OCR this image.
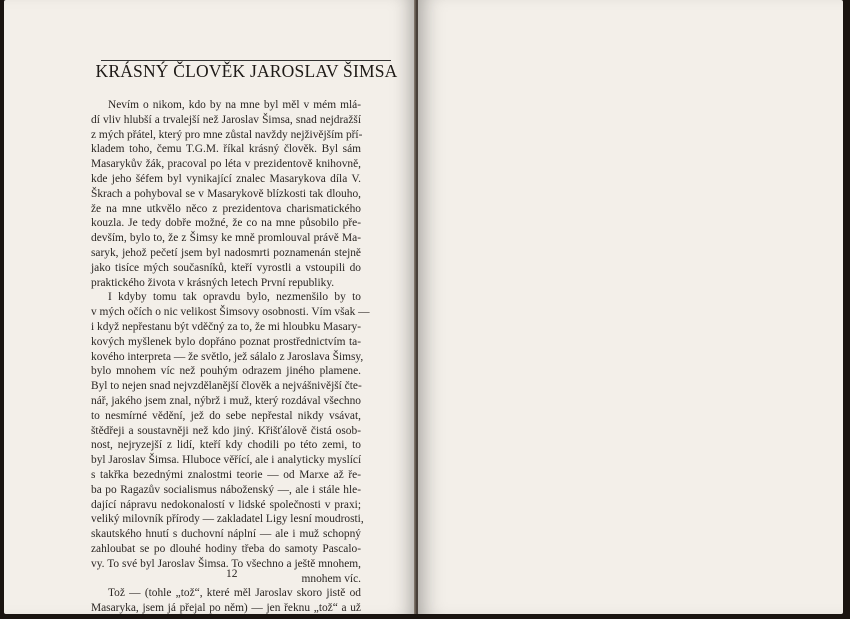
KRÁSNÝ ČLOVĚK JAROSLAV ŠIMSA
Nevím o nikom, kdo by na mne byl měl v mém mlá-
dí vliv hlubší a trvalejší než Jaroslav Šimsa, snad nejdražší
z mých přátel, který pro mne zůstal navždy nejživějším pří-
kladem toho, čemu T.G.M. říkal krásný člověk. Byl sám
Masarykův žák, pracoval po léta v prezidentově knihovně,
kde jeho šéfem byl vynikající znalec Masarykova díla V.
Škrach a pohyboval se v Masarykově blízkosti tak dlouho,
že na mne utkvělo něco z prezidentova charismatického
kouzla. Je tedy dobře možné, že co na mne působilo pře-
devším, bylo to, že z Šimsy ke mně promlouval právě Ma-
saryk, jehož pečetí jsem byl nadosmrti poznamenán stejně
jako tisíce mých současníků, kteří vyrostli a vstoupili do
praktického života v krásných letech První republiky.
I kdyby tomu tak opravdu bylo, nezmenšilo by to
v mých očích o nic velikost Šimsovy osobnosti. Vím však —
i když nepřestanu být vděčný za to, že mi hloubku Masary-
kových myšlenek bylo dopřáno poznat prostřednictvím ta-
kového interpreta — že světlo, jež sálalo z Jaroslava Šimsy,
bylo mnohem víc než pouhým odrazem jiného plamene.
Byl to nejen snad nejvzdělanější člověk a nejvášnivější čte-
nář, jakého jsem znal, nýbrž i muž, který rozdával všechno
to nesmírné vědění, jež do sebe nepřestal nikdy vsávat,
štědřeji a soustavněji než kdo jiný. Křišťálově čistá osob-
nost, nejryzejší z lidí, kteří kdy chodili po této zemi, to
byl Jaroslav Šimsa. Hluboce věřící, ale i analyticky myslící
s takřka bezednými znalostmi teorie — od Marxe až ře-
ba po Ragazův socialismus náboženský —, ale i stále hle-
dající nápravu nedokonalostí v lidské společnosti v praxi;
veliký milovník přírody — zakladatel Ligy lesní moudrosti,
skautského hnutí s duchovní náplní — ale i muž schopný
zahloubat se po dlouhé hodiny třeba do samoty Pascalo-
vy. To své byl Jaroslav Šimsa. To všechno a ještě mnohem,
mnohem víc.
Tož — (tohle „tož“, které měl Jaroslav skoro jistě od
Masaryka, jsem já přejal po něm) — jen řeknu „tož“ a už
12
